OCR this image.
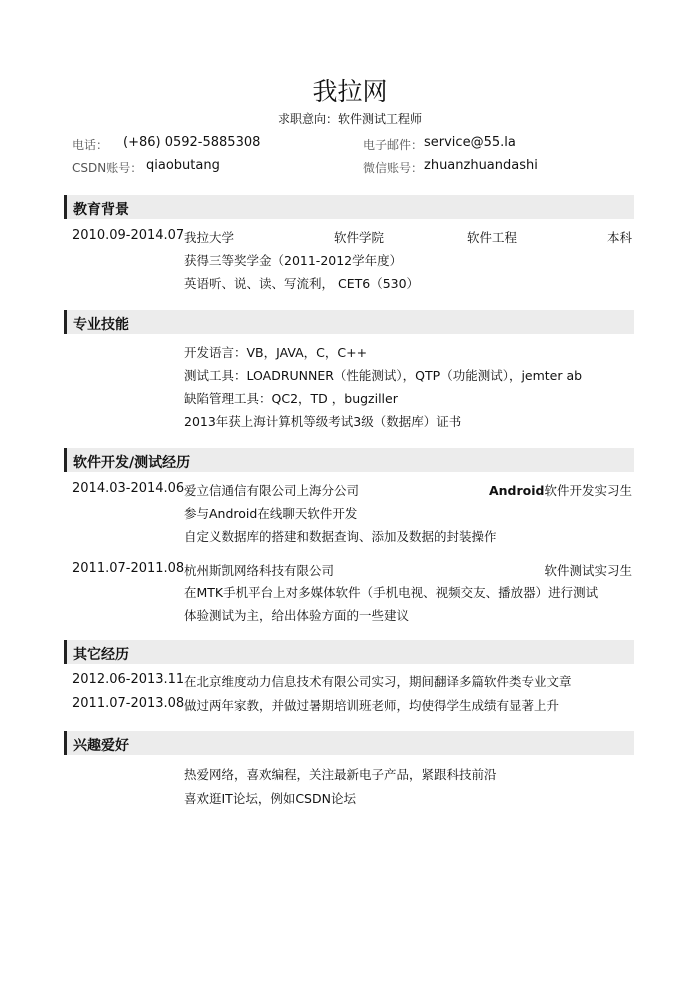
我拉网
求职意向：软件测试工程师
电话： (+86) 0592-5885308	电子邮件： service@55.la
CSDN账号： qiaobutang	微信账号： zhuanzhuandashi
教育背景
2010.09-2014.07 我拉大学	软件学院	软件工程	本科
获得三等奖学金（2011-2012学年度）
英语听、说、读、写流利， CET6（530）
专业技能
开发语言：VB，JAVA，C，C++
测试工具：LOADRUNNER（性能测试），QTP（功能测试），jemter ab
缺陷管理工具：QC2，TD ，bugziller
2013年获上海计算机等级考试3级（数据库）证书
软件开发/测试经历
2014.03-2014.06 爱立信通信有限公司上海分公司	Android软件开发实习生
参与Android在线聊天软件开发
自定义数据库的搭建和数据查询、添加及数据的封装操作
2011.07-2011.08 杭州斯凯网络科技有限公司	软件测试实习生
在MTK手机平台上对多媒体软件（手机电视、视频交友、播放器）进行测试
体验测试为主，给出体验方面的一些建议
其它经历
2012.06-2013.11 在北京维度动力信息技术有限公司实习，期间翻译多篇软件类专业文章
2011.07-2013.08 做过两年家教，并做过暑期培训班老师，均使得学生成绩有显著上升
兴趣爱好
热爱网络，喜欢编程，关注最新电子产品，紧跟科技前沿
喜欢逛IT论坛，例如CSDN论坛
